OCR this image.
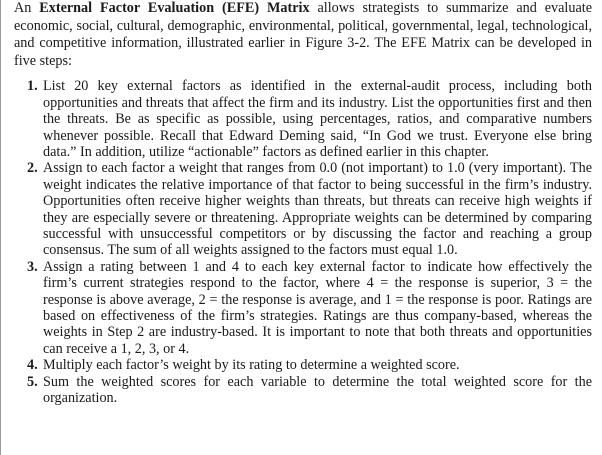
An External Factor Evaluation (EFE) Matrix allows strategists to summarize and evaluate economic, social, cultural, demographic, environmental, political, governmental, legal, technological, and competitive information, illustrated earlier in Figure 3-2. The EFE Matrix can be developed in five steps:

1. List 20 key external factors as identified in the external-audit process, including both opportunities and threats that affect the firm and its industry. List the opportunities first and then the threats. Be as specific as possible, using percentages, ratios, and comparative numbers whenever possible. Recall that Edward Deming said, “In God we trust. Everyone else bring data.” In addition, utilize “actionable” factors as defined earlier in this chapter.
2. Assign to each factor a weight that ranges from 0.0 (not important) to 1.0 (very important). The weight indicates the relative importance of that factor to being successful in the firm’s industry. Opportunities often receive higher weights than threats, but threats can receive high weights if they are especially severe or threatening. Appropriate weights can be determined by comparing successful with unsuccessful competitors or by discussing the factor and reaching a group consensus. The sum of all weights assigned to the factors must equal 1.0.
3. Assign a rating between 1 and 4 to each key external factor to indicate how effectively the firm’s current strategies respond to the factor, where 4 = the response is superior, 3 = the response is above average, 2 = the response is average, and 1 = the response is poor. Ratings are based on effectiveness of the firm’s strategies. Ratings are thus company-based, whereas the weights in Step 2 are industry-based. It is important to note that both threats and opportunities can receive a 1, 2, 3, or 4.
4. Multiply each factor’s weight by its rating to determine a weighted score.
5. Sum the weighted scores for each variable to determine the total weighted score for the organization.
